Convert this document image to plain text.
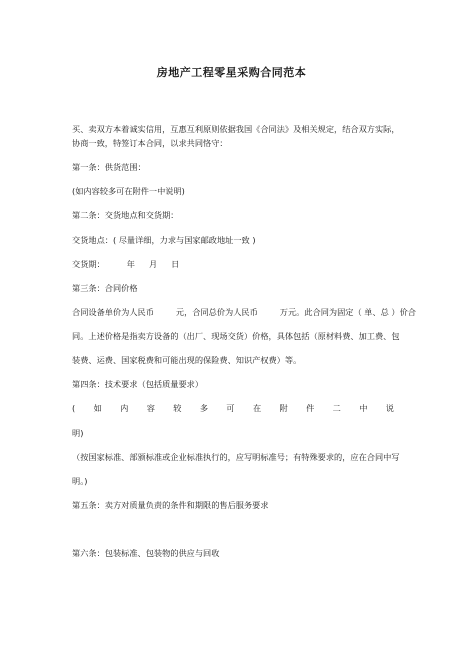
房地产工程零星采购合同范本
买、卖双方本着诚实信用，互惠互利原则依据我国《合同法》及相关规定，结合双方实际，
协商一致，特签订本合同，以求共同恪守：
第一条：供货范围：
(如内容较多可在附件一中说明)
第二条：交货地点和交货期：
交货地点：( 尽量详细，力求与国家邮政地址一致 )
交货期：	年 月 日
第三条：合同价格
合同设备单价为人民币	元，合同总价为人民币	万元。此合同为固定（ 单、总 ）价合
同。上述价格是指卖方设备的（出厂、现场交货）价格，具体包括（原材料费、加工费、包
装费、运费、国家税费和可能出现的保险费、知识产权费）等。
第四条：技术要求（包括质量要求）
( 如 内 容 较 多 可 在 附 件 二 中 说
明)
（按国家标准、部颁标准或企业标准执行的，应写明标准号；有特殊要求的，应在合同中写
明。)
第五条：卖方对质量负责的条件和期限的售后服务要求
第六条：包装标准、包装物的供应与回收
